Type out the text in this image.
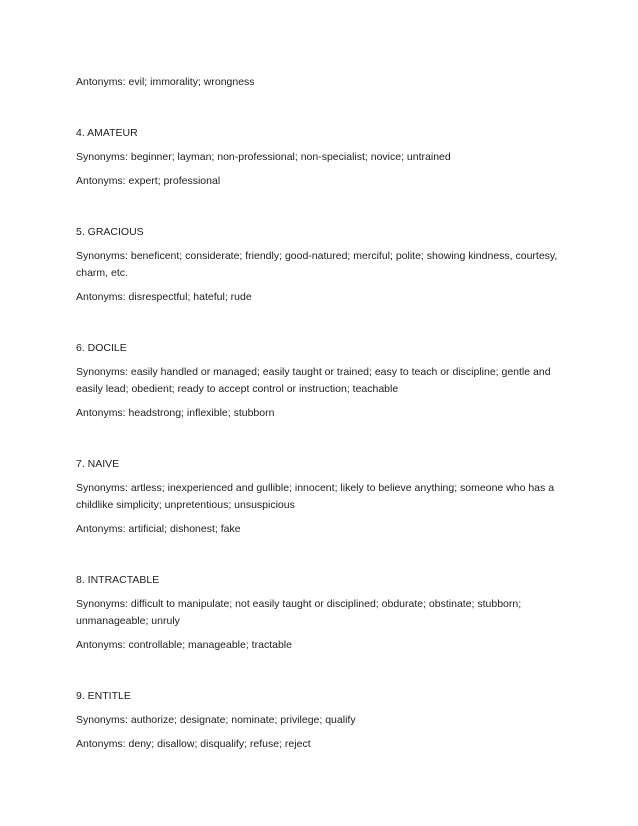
Antonyms: evil; immorality; wrongness

4. AMATEUR

Synonyms: beginner; layman; non-professional; non-specialist; novice; untrained

Antonyms: expert; professional

5. GRACIOUS

Synonyms: beneficent; considerate; friendly; good-natured; merciful; polite; showing kindness, courtesy, charm, etc.

Antonyms: disrespectful; hateful; rude

6. DOCILE

Synonyms: easily handled or managed; easily taught or trained; easy to teach or discipline; gentle and easily lead; obedient; ready to accept control or instruction; teachable

Antonyms: headstrong; inflexible; stubborn

7. NAIVE

Synonyms: artless; inexperienced and gullible; innocent; likely to believe anything; someone who has a childlike simplicity; unpretentious; unsuspicious

Antonyms: artificial; dishonest; fake

8. INTRACTABLE

Synonyms: difficult to manipulate; not easily taught or disciplined; obdurate; obstinate; stubborn; unmanageable; unruly

Antonyms: controllable; manageable; tractable

9. ENTITLE

Synonyms: authorize; designate; nominate; privilege; qualify

Antonyms: deny; disallow; disqualify; refuse; reject
